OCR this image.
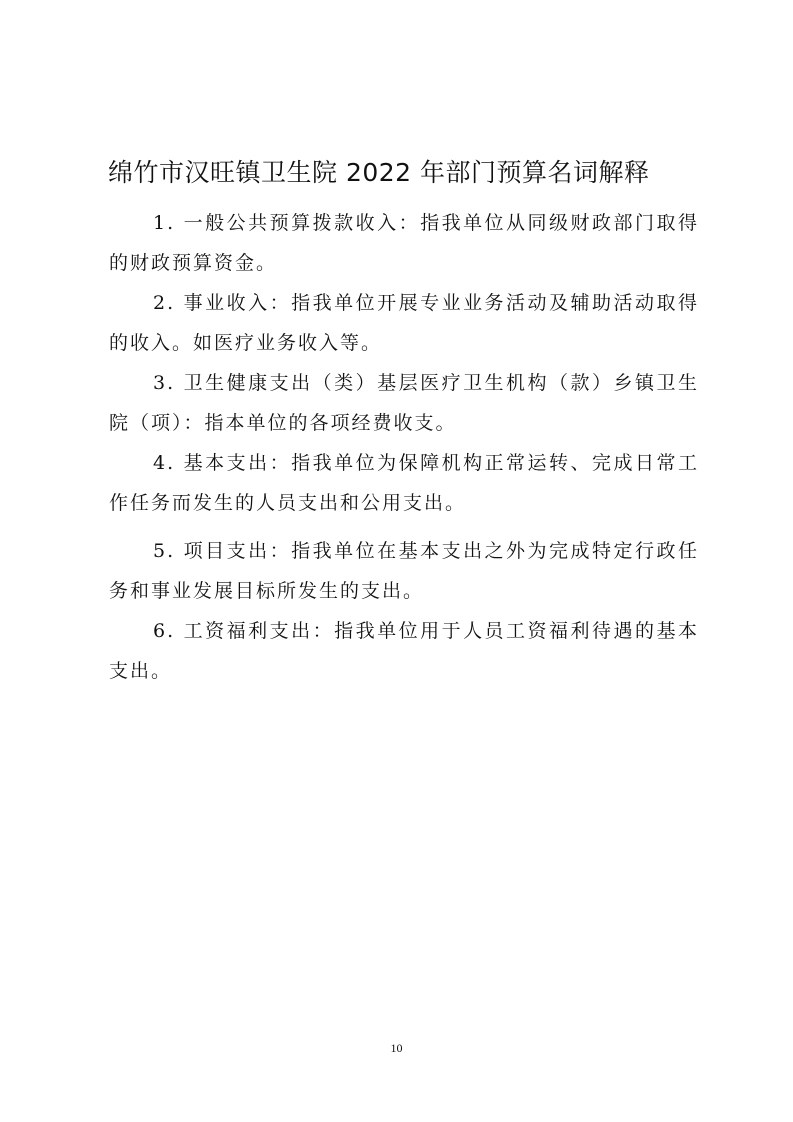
绵竹市汉旺镇卫生院 2022 年部门预算名词解释

1. 一般公共预算拨款收入：指我单位从同级财政部门取得的财政预算资金。

2. 事业收入：指我单位开展专业业务活动及辅助活动取得的收入。如医疗业务收入等。

3. 卫生健康支出（类）基层医疗卫生机构（款）乡镇卫生院（项）：指本单位的各项经费收支。

4. 基本支出：指我单位为保障机构正常运转、完成日常工作任务而发生的人员支出和公用支出。

5. 项目支出：指我单位在基本支出之外为完成特定行政任务和事业发展目标所发生的支出。

6. 工资福利支出：指我单位用于人员工资福利待遇的基本支出。

10
